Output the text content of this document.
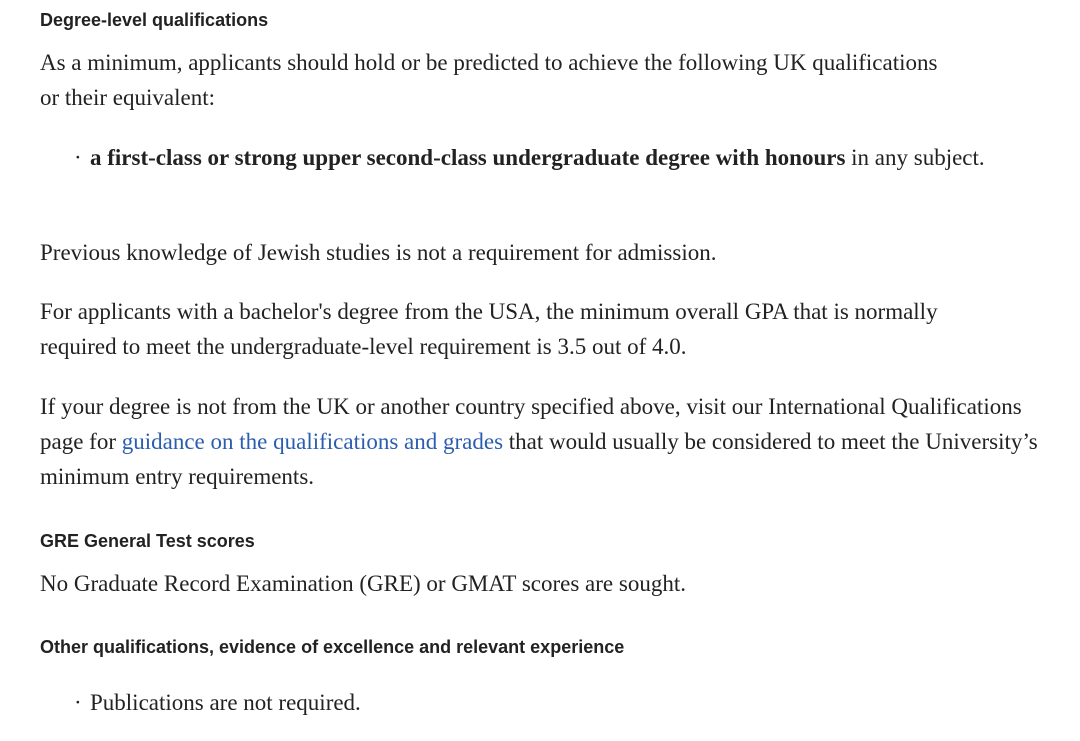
Degree-level qualifications

As a minimum, applicants should hold or be predicted to achieve the following UK qualifications or their equivalent:

· a first-class or strong upper second-class undergraduate degree with honours in any subject.

Previous knowledge of Jewish studies is not a requirement for admission.

For applicants with a bachelor's degree from the USA, the minimum overall GPA that is normally required to meet the undergraduate-level requirement is 3.5 out of 4.0.

If your degree is not from the UK or another country specified above, visit our International Qualifications page for guidance on the qualifications and grades that would usually be considered to meet the University’s minimum entry requirements.

GRE General Test scores

No Graduate Record Examination (GRE) or GMAT scores are sought.

Other qualifications, evidence of excellence and relevant experience
· Publications are not required.
